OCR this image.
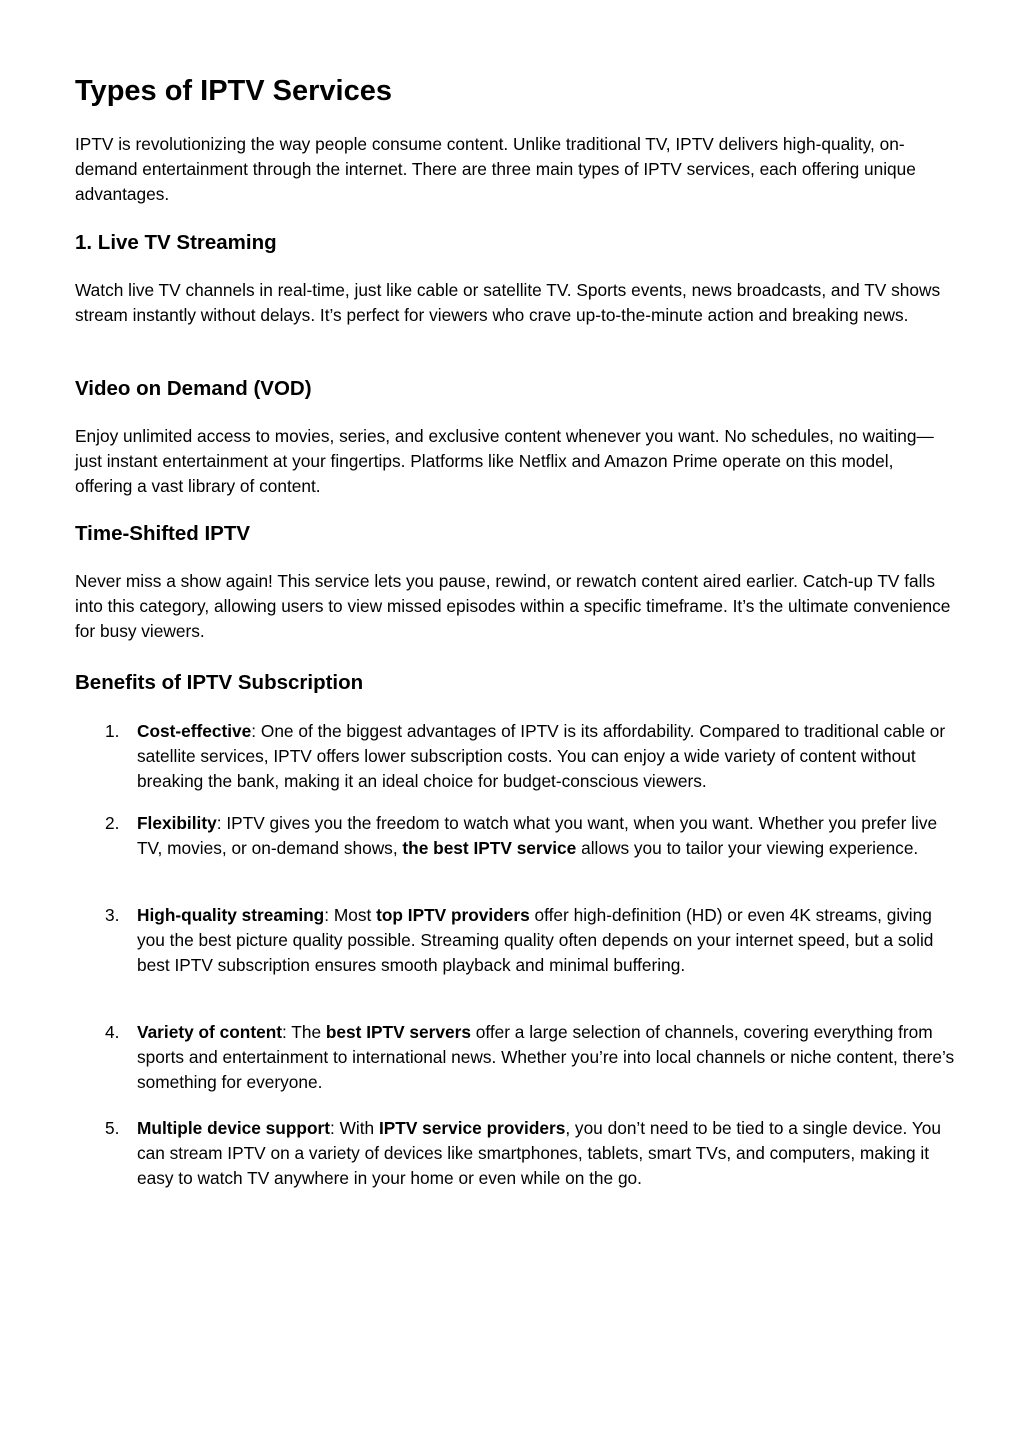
Types of IPTV Services

IPTV is revolutionizing the way people consume content. Unlike traditional TV, IPTV delivers high-quality, on-demand entertainment through the internet. There are three main types of IPTV services, each offering unique advantages.

1. Live TV Streaming

Watch live TV channels in real-time, just like cable or satellite TV. Sports events, news broadcasts, and TV shows stream instantly without delays. It’s perfect for viewers who crave up-to-the-minute action and breaking news.

Video on Demand (VOD)

Enjoy unlimited access to movies, series, and exclusive content whenever you want. No schedules, no waiting—just instant entertainment at your fingertips. Platforms like Netflix and Amazon Prime operate on this model, offering a vast library of content.

Time-Shifted IPTV

Never miss a show again! This service lets you pause, rewind, or rewatch content aired earlier. Catch-up TV falls into this category, allowing users to view missed episodes within a specific timeframe. It’s the ultimate convenience for busy viewers.

Benefits of IPTV Subscription
1. Cost-effective: One of the biggest advantages of IPTV is its affordability. Compared to traditional cable or satellite services, IPTV offers lower subscription costs. You can enjoy a wide variety of content without breaking the bank, making it an ideal choice for budget-conscious viewers.
2. Flexibility: IPTV gives you the freedom to watch what you want, when you want. Whether you prefer live TV, movies, or on-demand shows, the best IPTV service allows you to tailor your viewing experience.
3. High-quality streaming: Most top IPTV providers offer high-definition (HD) or even 4K streams, giving you the best picture quality possible. Streaming quality often depends on your internet speed, but a solid best IPTV subscription ensures smooth playback and minimal buffering.
4. Variety of content: The best IPTV servers offer a large selection of channels, covering everything from sports and entertainment to international news. Whether you’re into local channels or niche content, there’s something for everyone.
5. Multiple device support: With IPTV service providers, you don’t need to be tied to a single device. You can stream IPTV on a variety of devices like smartphones, tablets, smart TVs, and computers, making it easy to watch TV anywhere in your home or even while on the go.
